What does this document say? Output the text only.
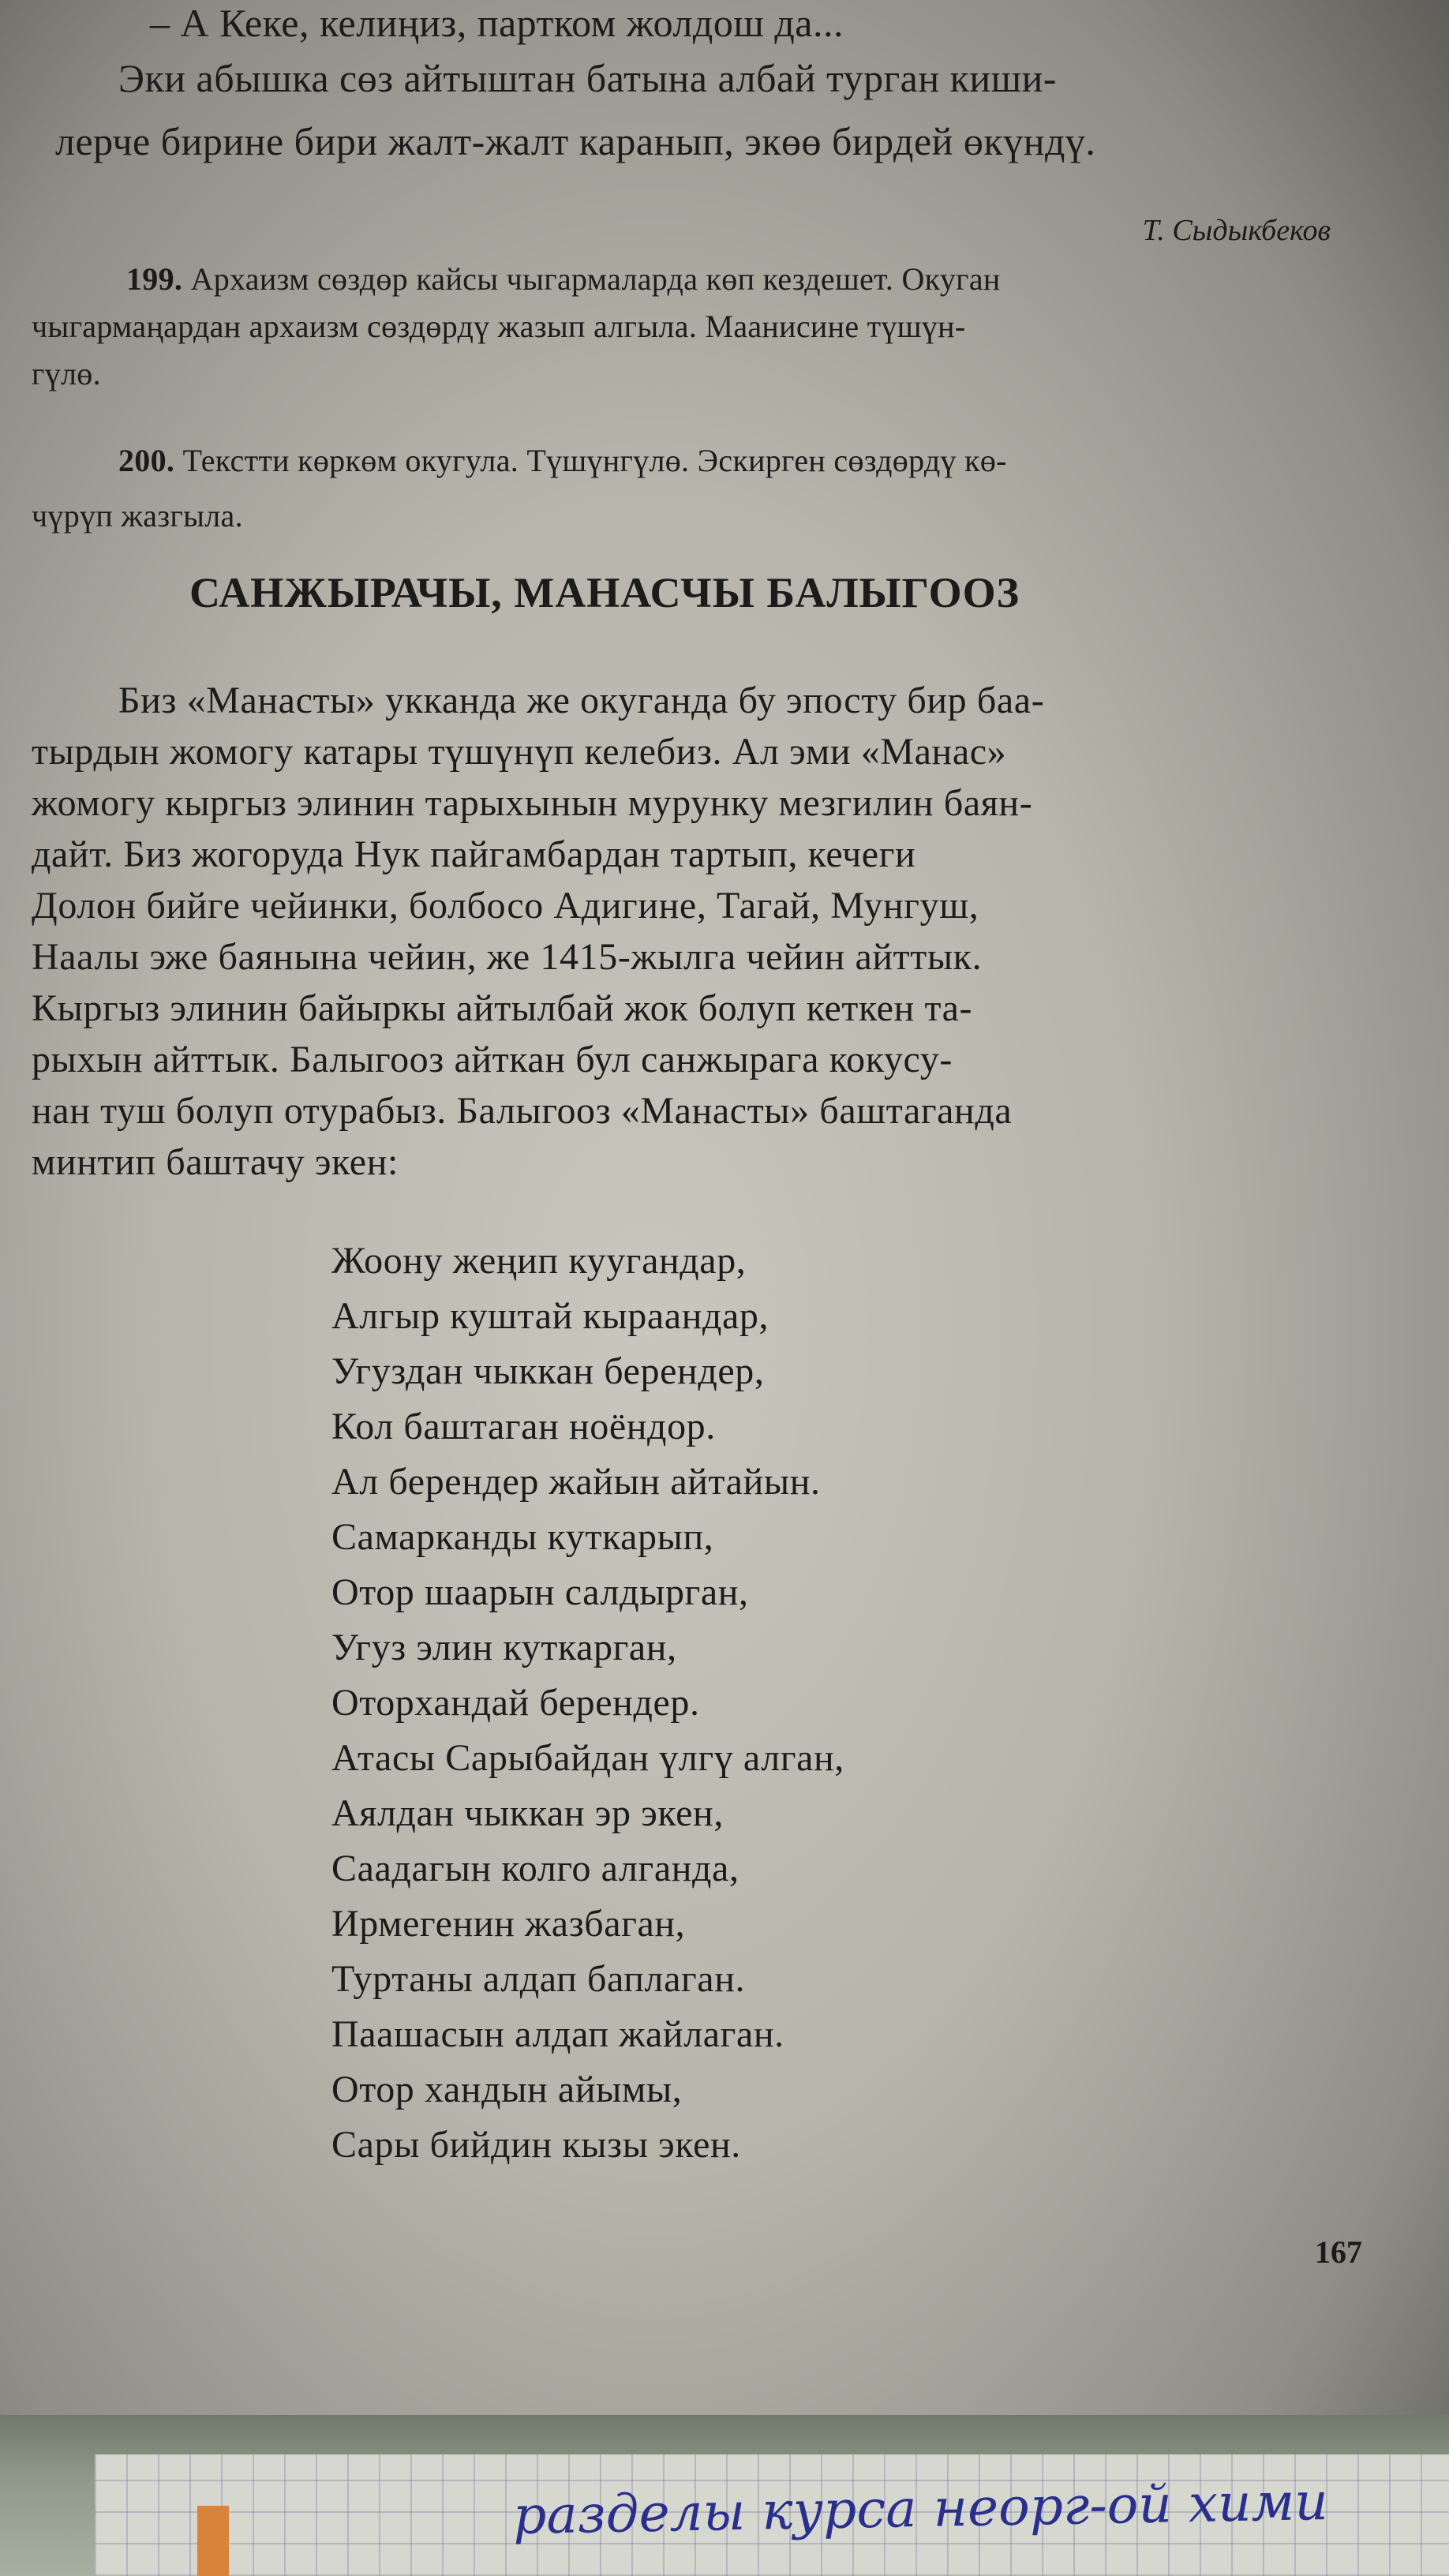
– А Кеке, келиңиз, партком жолдош да...
Эки абышка сөз айтыштан батына албай турган киши-
лерче бирине бири жалт-жалт каранып, экөө бирдей өкүндү.
Т. Сыдыкбеков
199. Архаизм сөздөр кайсы чыгармаларда көп кездешет. Окуган
чыгармаңардан архаизм сөздөрдү жазып алгыла. Маанисине түшүн-
гүлө.
200. Текстти көркөм окугула. Түшүнгүлө. Эскирген сөздөрдү кө-
чүрүп жазгыла.
САНЖЫРАЧЫ, МАНАСЧЫ БАЛЫГООЗ
Биз «Манасты» укканда же окуганда бу эпосту бир баа-
тырдын жомогу катары түшүнүп келебиз. Ал эми «Манас»
жомогу кыргыз элинин тарыхынын мурунку мезгилин баян-
дайт. Биз жогоруда Нук пайгамбардан тартып, кечеги
Долон бийге чейинки, болбосо Адигине, Тагай, Мунгуш,
Наалы эже баянына чейин, же 1415-жылга чейин айттык.
Кыргыз элинин байыркы айтылбай жок болуп кеткен та-
рыхын айттык. Балыгооз айткан бул санжырага кокусу-
нан туш болуп отурабыз. Балыгооз «Манасты» баштаганда
минтип баштачу экен:
Жоону жеңип куугандар,
Алгыр куштай кыраандар,
Угуздан чыккан берендер,
Кол баштаган ноёндор.
Ал берендер жайын айтайын.
Самарканды куткарып,
Отор шаарын салдырган,
Угуз элин куткарган,
Оторхандай берендер.
Атасы Сарыбайдан үлгү алган,
Аялдан чыккан эр экен,
Саадагын колго алганда,
Ирмегенин жазбаган,
Туртаны алдап баплаган.
Паашасын алдап жайлаган.
Отор хандын айымы,
Сары бийдин кызы экен.
167
разделы курса неорг-ой хими
